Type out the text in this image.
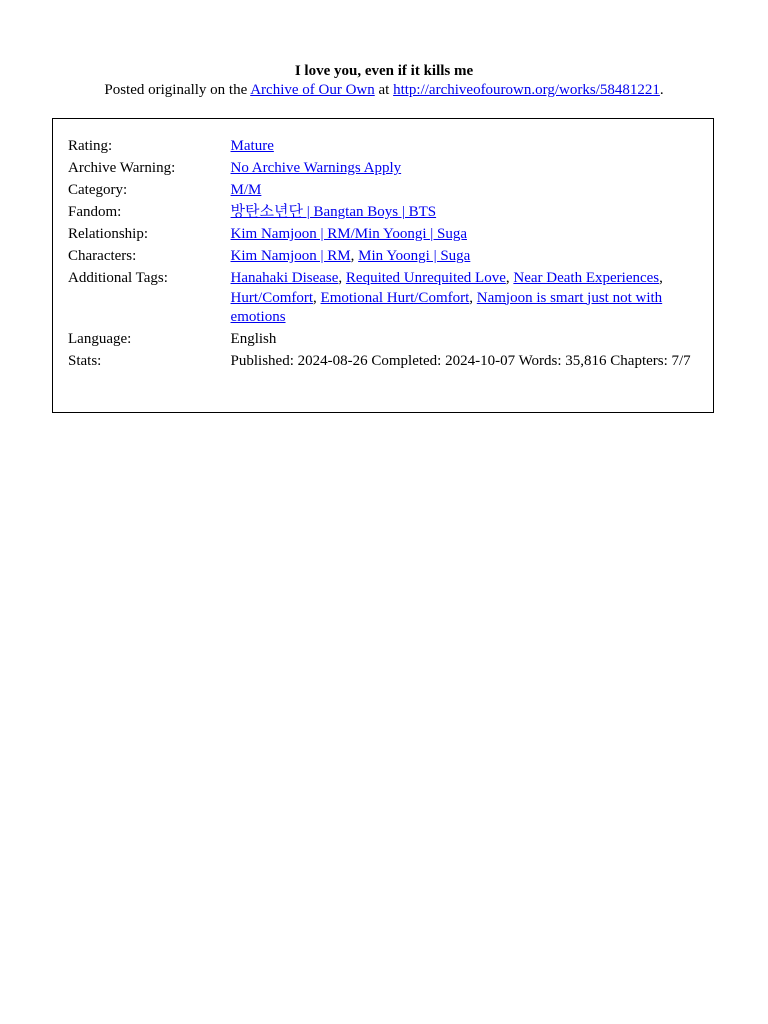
I love you, even if it kills me
Posted originally on the Archive of Our Own at http://archiveofourown.org/works/58481221.
Rating:	Mature
Archive Warning:	No Archive Warnings Apply
Category:	M/M
Fandom:	방탄소년단 | Bangtan Boys | BTS
Relationship:	Kim Namjoon | RM/Min Yoongi | Suga
Characters:	Kim Namjoon | RM, Min Yoongi | Suga
Additional Tags:	Hanahaki Disease, Requited Unrequited Love, Near Death Experiences, Hurt/Comfort, Emotional Hurt/Comfort, Namjoon is smart just not with emotions
Language:	English
Stats:	Published: 2024-08-26 Completed: 2024-10-07 Words: 35,816 Chapters: 7/7
